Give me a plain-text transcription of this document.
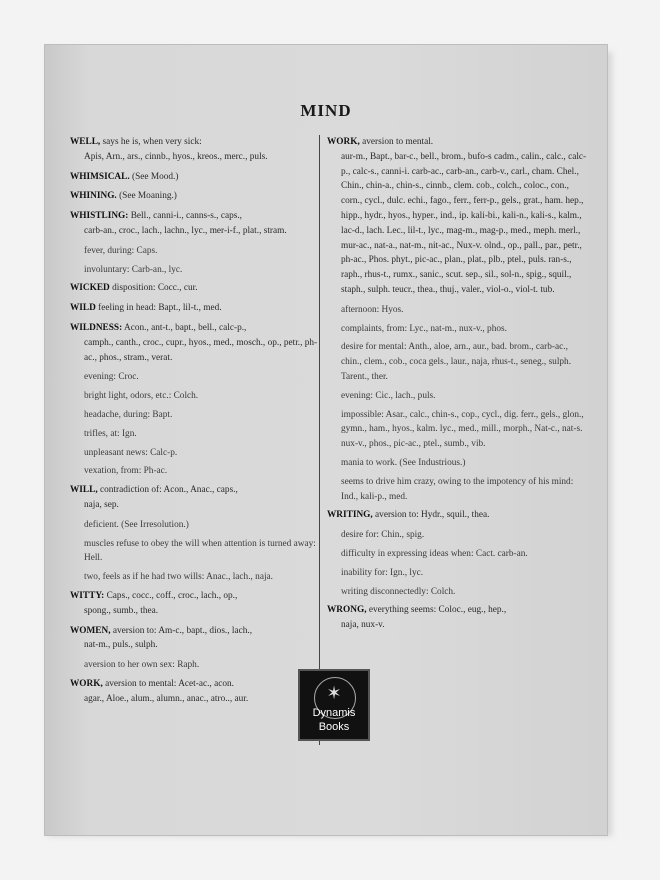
MIND
WELL, says he is, when very sick:
Apis, Arn., ars., cinnb., hyos., kreos., merc., puls.
WHIMSICAL. (See Mood.)
WHINING. (See Moaning.)
WHISTLING: Bell., canni-i., canns-s., caps.,
carb-an., croc., lach., lachn., lyc., mer-i-f., plat., stram.
fever, during: Caps.
involuntary: Carb-an., lyc.
WICKED disposition: Cocc., cur.
WILD feeling in head: Bapt., lil-t., med.
WILDNESS: Acon., ant-t., bapt., bell., calc-p.,
camph., canth., croc., cupr., hyos., med., mosch., op., petr., ph-ac., phos., stram., verat.
evening: Croc.
bright light, odors, etc.: Colch.
headache, during: Bapt.
trifles, at: Ign.
unpleasant news: Calc-p.
vexation, from: Ph-ac.
WILL, contradiction of: Acon., Anac., caps.,
naja, sep.
deficient. (See Irresolution.)
muscles refuse to obey the will when attention is turned away: Hell.
two, feels as if he had two wills: Anac., lach., naja.
WITTY: Caps., cocc., coff., croc., lach., op.,
spong., sumb., thea.
WOMEN, aversion to: Am-c., bapt., dios., lach.,
nat-m., puls., sulph.
aversion to her own sex: Raph.
WORK, aversion to mental: Acet-ac., acon.
agar., Aloe., alum., alumn., anac., atro.., aur.
WORK, aversion to mental.
aur-m., Bapt., bar-c., bell., brom., bufo-s cadm., calin., calc., calc-p., calc-s., canni-i. carb-ac., carb-an., carb-v., carl., cham. Chel., Chin., chin-a., chin-s., cinnb., clem. cob., colch., coloc., con., corn., cycl., dulc. echi., fago., ferr., ferr-p., gels., grat., ham. hep., hipp., hydr., hyos., hyper., ind., ip. kali-bi., kali-n., kali-s., kalm., lac-d., lach. Lec., lil-t., lyc., mag-m., mag-p., med., meph. merl., mur-ac., nat-a., nat-m., nit-ac., Nux-v. olnd., op., pall., par., petr., ph-ac., Phos. phyt., pic-ac., plan., plat., plb., ptel., puls. ran-s., raph., rhus-t., rumx., sanic., scut. sep., sil., sol-n., spig., squil., staph., sulph. teucr., thea., thuj., valer., viol-o., viol-t. tub.
afternoon: Hyos.
complaints, from: Lyc., nat-m., nux-v., phos.
desire for mental: Anth., aloe, arn., aur., bad. brom., carb-ac., chin., clem., cob., coca gels., laur., naja, rhus-t., seneg., sulph. Tarent., ther.
evening: Cic., lach., puls.
impossible: Asar., calc., chin-s., cop., cycl., dig. ferr., gels., glon., gymn., ham., hyos., kalm. lyc., med., mill., morph., Nat-c., nat-s. nux-v., phos., pic-ac., ptel., sumb., vib.
mania to work. (See Industrious.)
seems to drive him crazy, owing to the impotency of his mind: Ind., kali-p., med.
WRITING, aversion to: Hydr., squil., thea.
desire for: Chin., spig.
difficulty in expressing ideas when: Cact. carb-an.
inability for: Ign., lyc.
writing disconnectedly: Colch.
WRONG, everything seems: Coloc., eug., hep.,
naja, nux-v.
✶
Dynamis
Books
